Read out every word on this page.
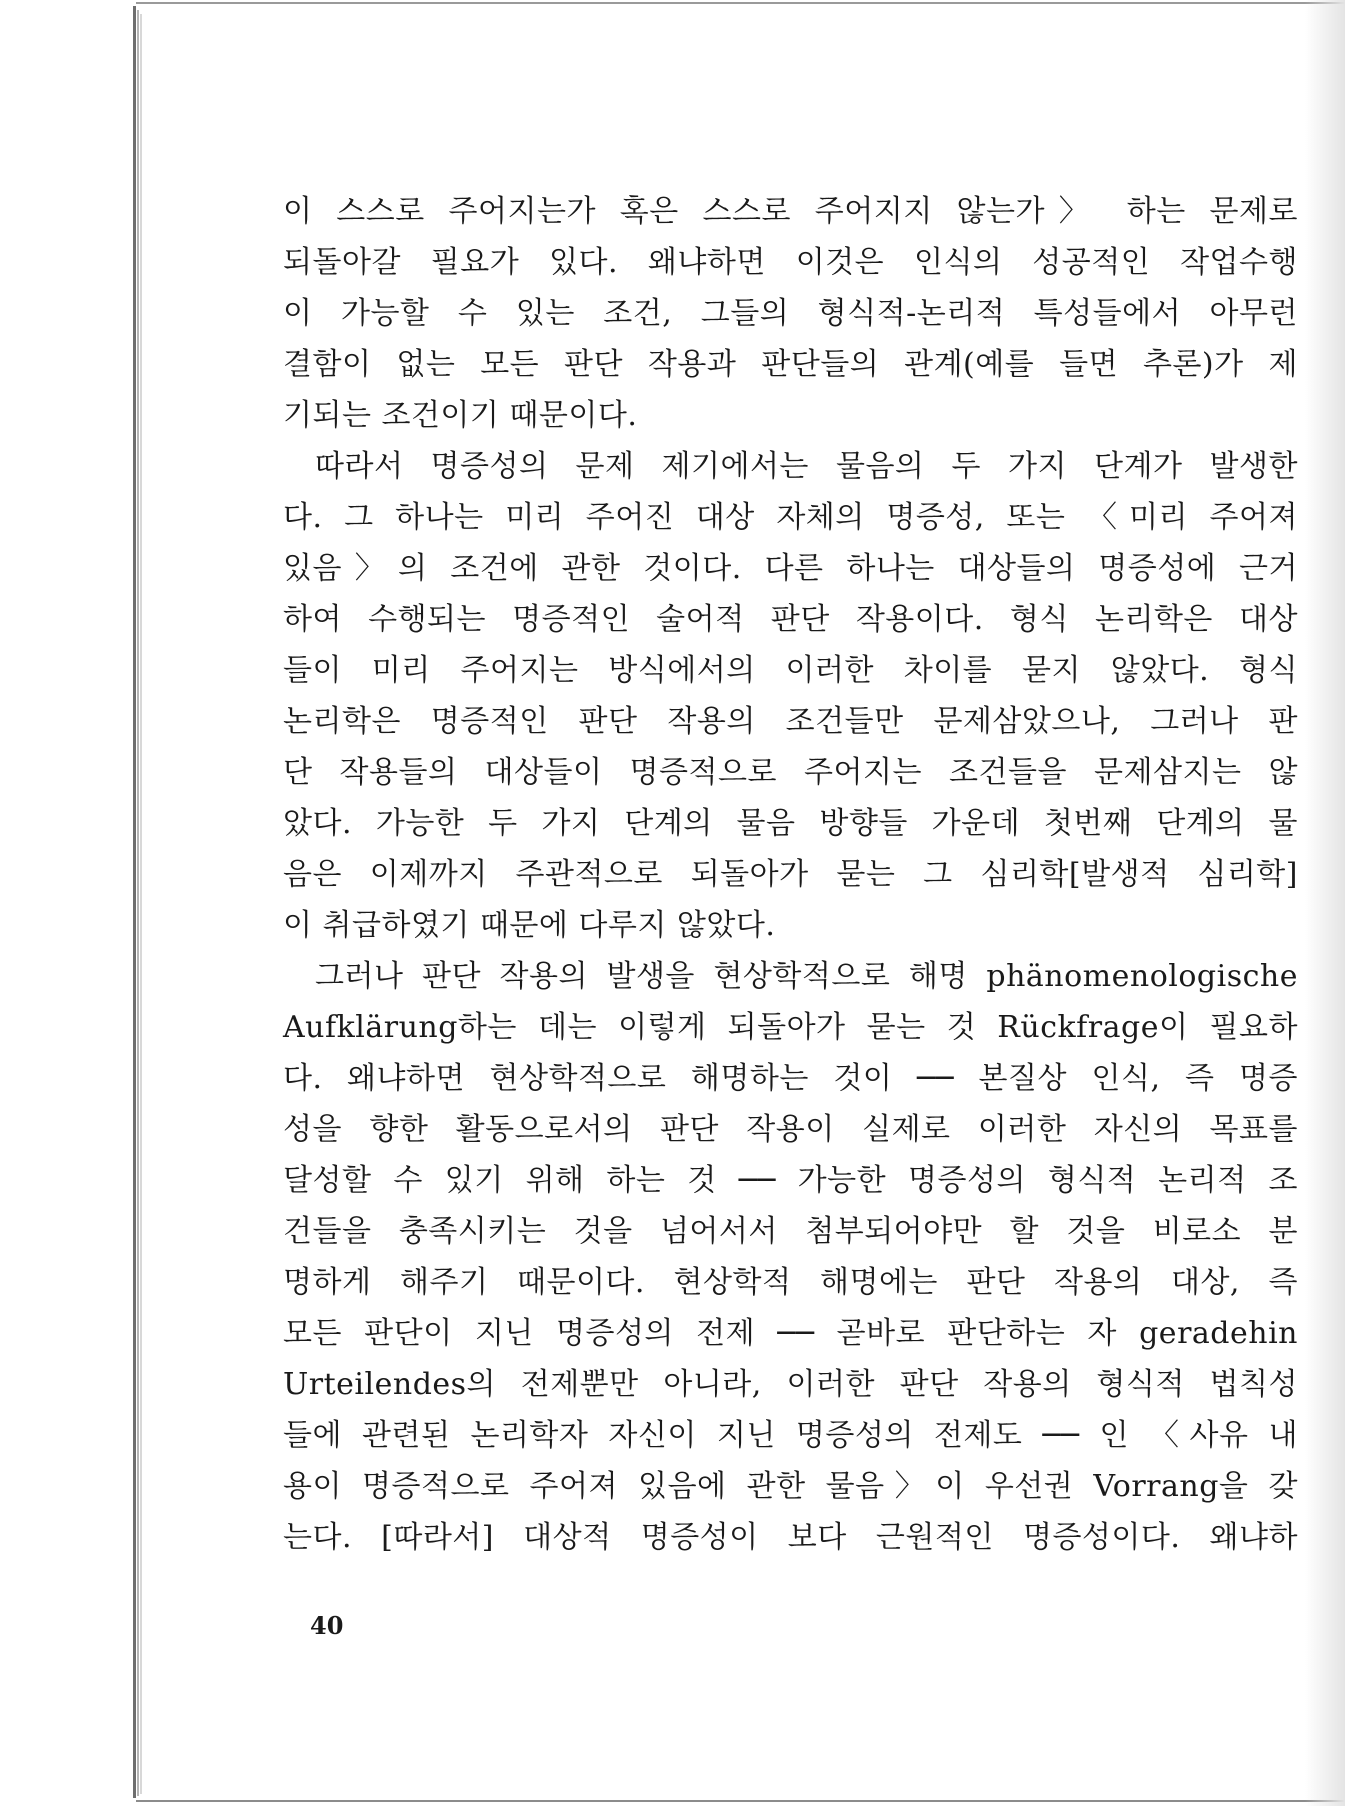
이 스스로 주어지는가 혹은 스스로 주어지지 않는가〉 하는 문제로
되돌아갈 필요가 있다. 왜냐하면 이것은 인식의 성공적인 작업수행
이 가능할 수 있는 조건, 그들의 형식적-논리적 특성들에서 아무런
결함이 없는 모든 판단 작용과 판단들의 관계(예를 들면 추론)가 제
기되는 조건이기 때문이다.
따라서 명증성의 문제 제기에서는 물음의 두 가지 단계가 발생한
다. 그 하나는 미리 주어진 대상 자체의 명증성, 또는 〈미리 주어져
있음〉의 조건에 관한 것이다. 다른 하나는 대상들의 명증성에 근거
하여 수행되는 명증적인 술어적 판단 작용이다. 형식 논리학은 대상
들이 미리 주어지는 방식에서의 이러한 차이를 묻지 않았다. 형식
논리학은 명증적인 판단 작용의 조건들만 문제삼았으나, 그러나 판
단 작용들의 대상들이 명증적으로 주어지는 조건들을 문제삼지는 않
았다. 가능한 두 가지 단계의 물음 방향들 가운데 첫번째 단계의 물
음은 이제까지 주관적으로 되돌아가 묻는 그 심리학[발생적 심리학]
이 취급하였기 때문에 다루지 않았다.
그러나 판단 작용의 발생을 현상학적으로 해명 phänomenologische
Aufklärung하는 데는 이렇게 되돌아가 묻는 것 Rückfrage이 필요하
다. 왜냐하면 현상학적으로 해명하는 것이 ── 본질상 인식, 즉 명증
성을 향한 활동으로서의 판단 작용이 실제로 이러한 자신의 목표를
달성할 수 있기 위해 하는 것 ── 가능한 명증성의 형식적 논리적 조
건들을 충족시키는 것을 넘어서서 첨부되어야만 할 것을 비로소 분
명하게 해주기 때문이다. 현상학적 해명에는 판단 작용의 대상, 즉
모든 판단이 지닌 명증성의 전제 ── 곧바로 판단하는 자 geradehin
Urteilendes의 전제뿐만 아니라, 이러한 판단 작용의 형식적 법칙성
들에 관련된 논리학자 자신이 지닌 명증성의 전제도 ── 인 〈사유 내
용이 명증적으로 주어져 있음에 관한 물음〉이 우선권 Vorrang을 갖
는다. [따라서] 대상적 명증성이 보다 근원적인 명증성이다. 왜냐하
40
